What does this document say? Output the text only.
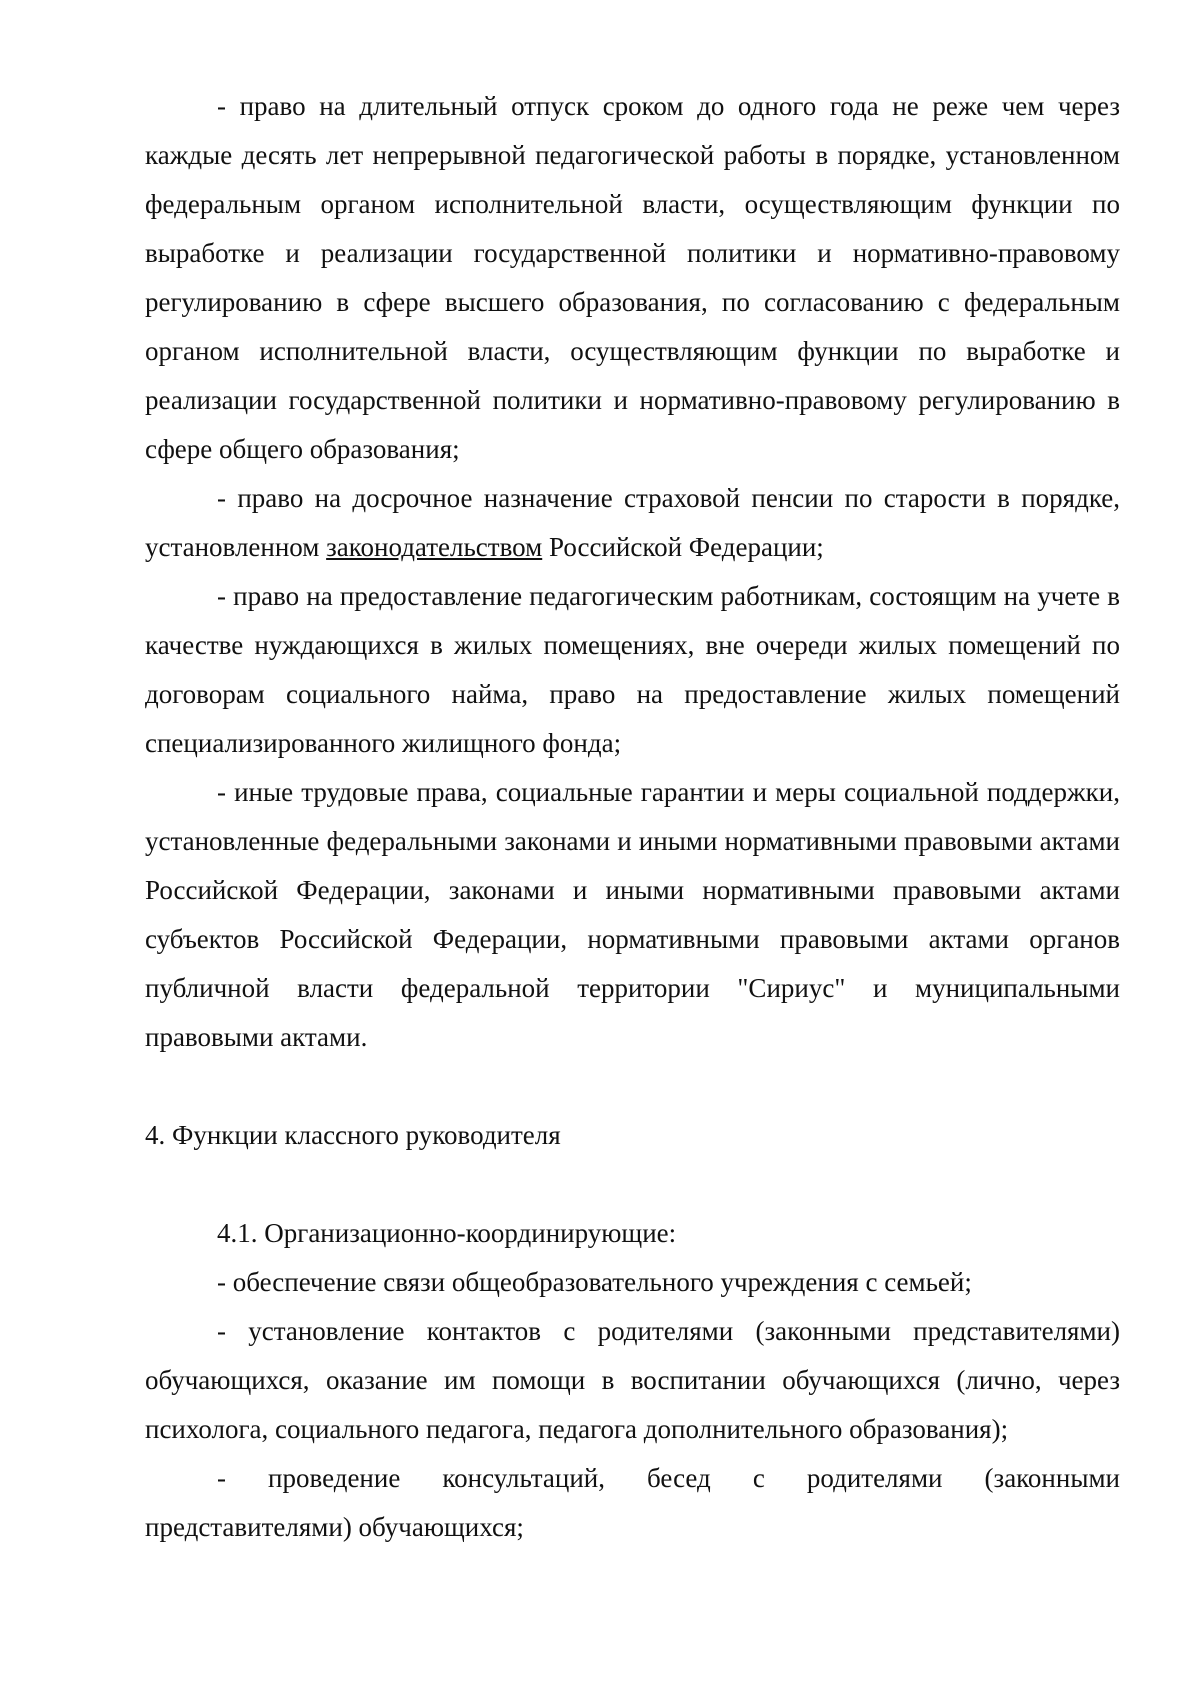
- право на длительный отпуск сроком до одного года не реже чем через каждые десять лет непрерывной педагогической работы в порядке, установленном федеральным органом исполнительной власти, осуществляющим функции по выработке и реализации государственной политики и нормативно-правовому регулированию в сфере высшего образования, по согласованию с федеральным органом исполнительной власти, осуществляющим функции по выработке и реализации государственной политики и нормативно-правовому регулированию в сфере общего образования;

- право на досрочное назначение страховой пенсии по старости в порядке, установленном законодательством Российской Федерации;

- право на предоставление педагогическим работникам, состоящим на учете в качестве нуждающихся в жилых помещениях, вне очереди жилых помещений по договорам социального найма, право на предоставление жилых помещений специализированного жилищного фонда;

- иные трудовые права, социальные гарантии и меры социальной поддержки, установленные федеральными законами и иными нормативными правовыми актами Российской Федерации, законами и иными нормативными правовыми актами субъектов Российской Федерации, нормативными правовыми актами органов публичной власти федеральной территории "Сириус" и муниципальными правовыми актами.

4. Функции классного руководителя

4.1. Организационно-координирующие:

- обеспечение связи общеобразовательного учреждения с семьей;

- установление контактов с родителями (законными представителями) обучающихся, оказание им помощи в воспитании обучающихся (лично, через психолога, социального педагога, педагога дополнительного образования);

- проведение консультаций, бесед с родителями (законными представителями) обучающихся;
